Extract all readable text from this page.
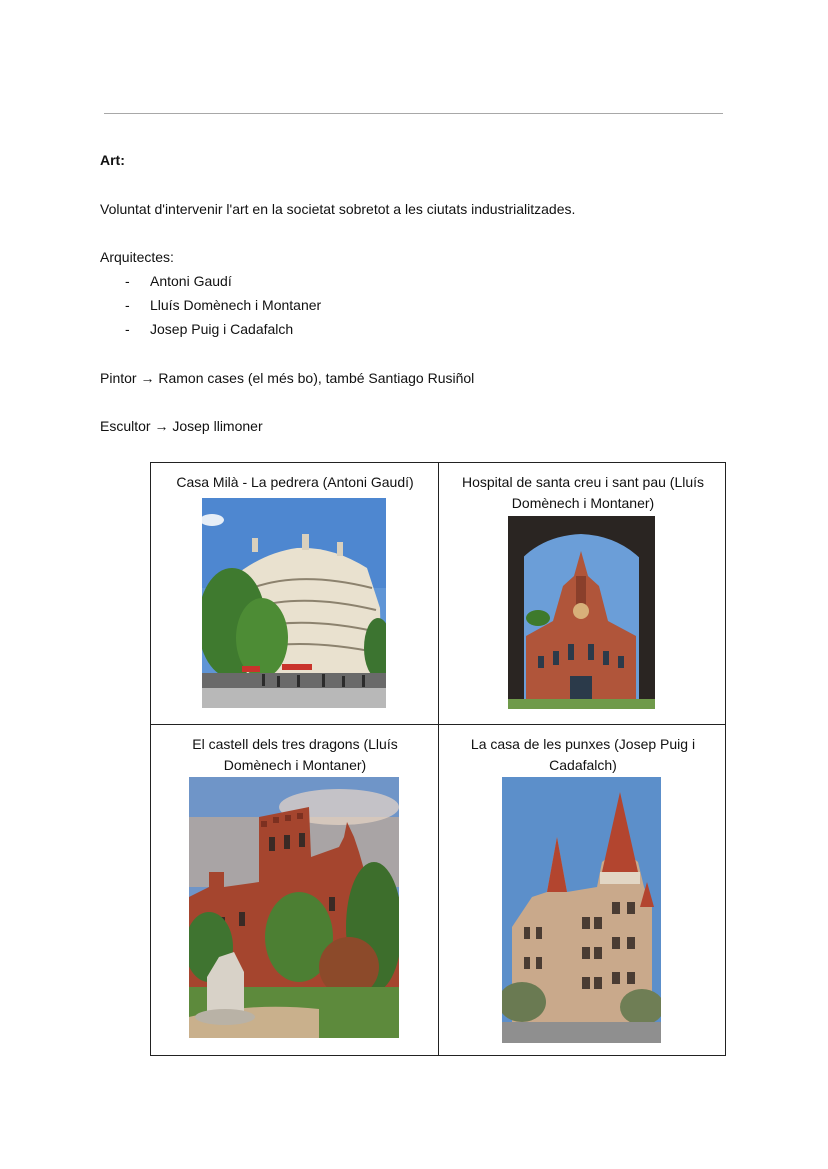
Art:
Voluntat d'intervenir l'art en la societat sobretot a les ciutats industrialitzades.
Arquitectes:
- Antoni Gaudí
- Lluís Domènech i Montaner
- Josep Puig i Cadafalch
Pintor → Ramon cases (el més bo), també Santiago Rusiñol
Escultor → Josep llimoner
Casa Milà - La pedrera (Antoni Gaudí)	Hospital de santa creu i sant pau (Lluís Domènech i Montaner)
El castell dels tres dragons (Lluís Domènech i Montaner)
La casa de les punxes (Josep Puig i Cadafalch)
